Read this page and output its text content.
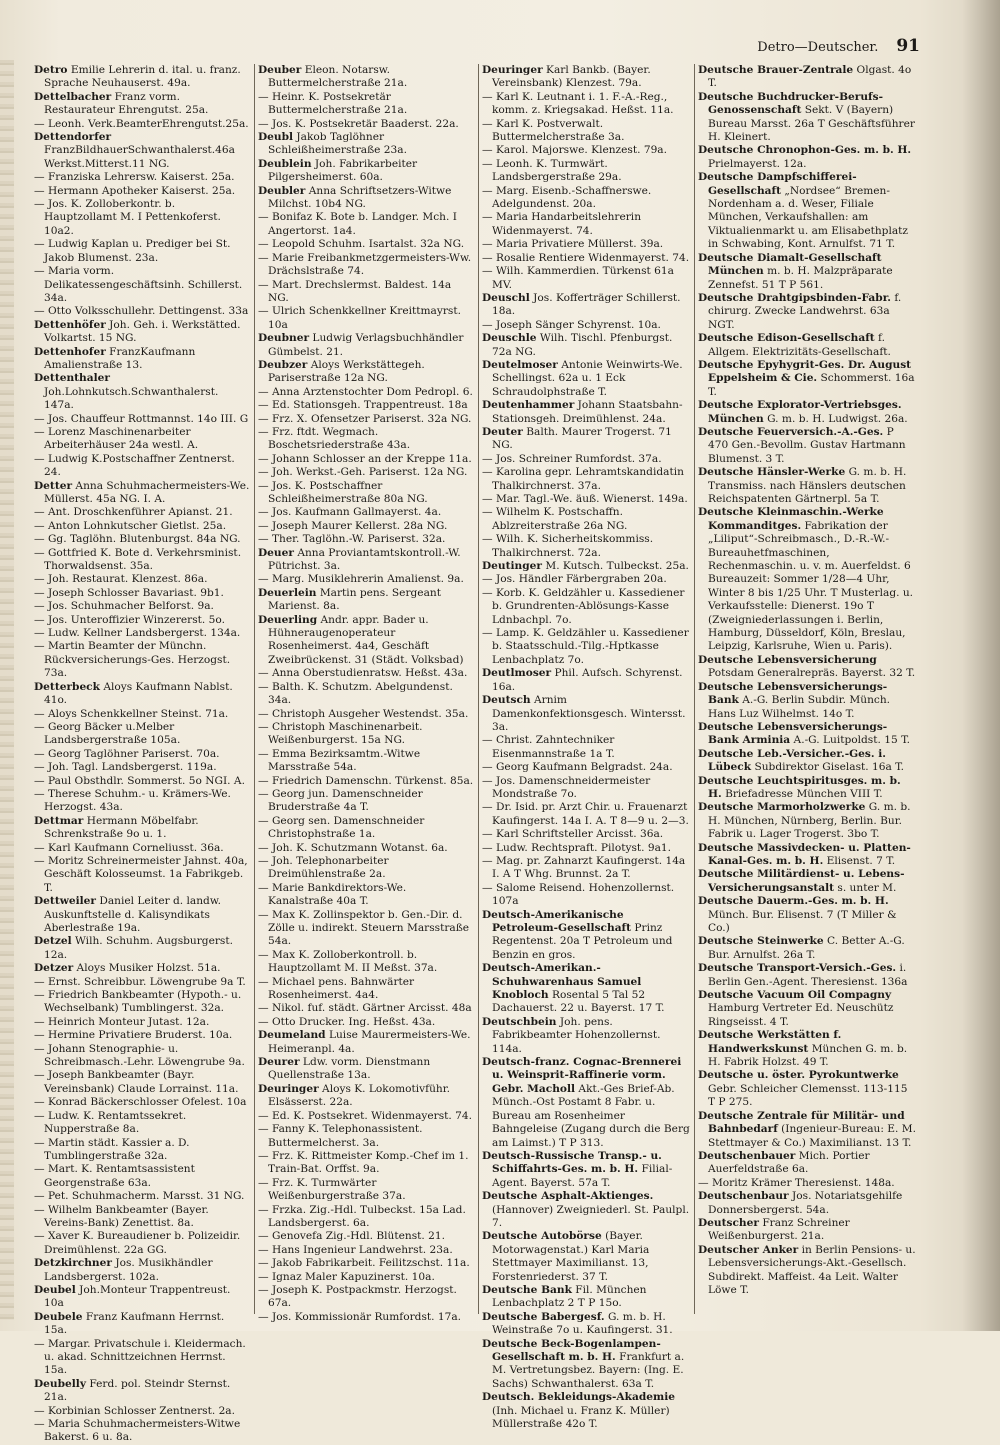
Detro—Deutscher. 91

Detro Emilie Lehrerin d. ital. u. franz. Sprache Neuhauserst. 49a.

Dettelbacher Franz vorm. Restaurateur Ehrengutst. 25a.

— Leonh. Verk.BeamterEhrengutst.25a.

Dettendorfer FranzBildhauerSchwanthalerst.46a Werkst.Mitterst.11 NG.

— Franziska Lehrersw. Kaiserst. 25a.

— Hermann Apotheker Kaiserst. 25a.

— Jos. K. Zolloberkontr. b. Hauptzollamt M. I Pettenkoferst. 10a2.

— Ludwig Kaplan u. Prediger bei St. Jakob Blumenst. 23a.

— Maria vorm. Delikatessengeschäftsinh. Schillerst. 34a.

— Otto Volksschullehr. Dettingenst. 33a

Dettenhöfer Joh. Geh. i. Werkstätted. Volkartst. 15 NG.

Dettenhofer FranzKaufmann Amalienstraße 13.

Dettenthaler Joh.Lohnkutsch.Schwanthalerst. 147a.

— Jos. Chauffeur Rottmannst. 14o III. G

— Lorenz Maschinenarbeiter Arbeiterhäuser 24a westl. A.

— Ludwig K.Postschaffner Zentnerst. 24.

Detter Anna Schuhmachermeisters-We. Müllerst. 45a NG. I. A.

— Ant. Droschkenführer Apianst. 21.

— Anton Lohnkutscher Gietlst. 25a.

— Gg. Taglöhn. Blutenburgst. 84a NG.

— Gottfried K. Bote d. Verkehrsminist. Thorwaldsenst. 35a.

— Joh. Restaurat. Klenzest. 86a.

— Joseph Schlosser Bavariast. 9b1.

— Jos. Schuhmacher Belforst. 9a.

— Jos. Unteroffizier Winzererst. 5o.

— Ludw. Kellner Landsbergerst. 134a.

— Martin Beamter der Münchn. Rückversicherungs-Ges. Herzogst. 73a.

Detterbeck Aloys Kaufmann Nablst. 41o.

— Aloys Schenkkellner Steinst. 71a.

— Georg Bäcker u.Melber Landsbergerstraße 105a.

— Georg Taglöhner Pariserst. 70a.

— Joh. Tagl. Landsbergerst. 119a.

— Paul Obsthdlr. Sommerst. 5o NGI. A.

— Therese Schuhm.- u. Krämers-We. Herzogst. 43a.

Dettmar Hermann Möbelfabr. Schrenkstraße 9o u. 1.

— Karl Kaufmann Corneliusst. 36a.

— Moritz Schreinermeister Jahnst. 40a, Geschäft Kolosseumst. 1a Fabrikgeb. T.

Dettweiler Daniel Leiter d. landw. Auskunftstelle d. Kalisyndikats Aberlestraße 19a.

Detzel Wilh. Schuhm. Augsburgerst. 12a.

Detzer Aloys Musiker Holzst. 51a.

— Ernst. Schreibbur. Löwengrube 9a T.

— Friedrich Bankbeamter (Hypoth.- u. Wechselbank) Tumblingerst. 32a.

— Heinrich Monteur Jutast. 12a.

— Hermine Privatiere Bruderst. 10a.

— Johann Stenographie- u. Schreibmasch.-Lehr. Löwengrube 9a.

— Joseph Bankbeamter (Bayr. Vereinsbank) Claude Lorrainst. 11a.

— Konrad Bäckerschlosser Ofelest. 10a

— Ludw. K. Rentamtssekret. Nupperstraße 8a.

— Martin städt. Kassier a. D. Tumblingerstraße 32a.

— Mart. K. Rentamtsassistent Georgenstraße 63a.

— Pet. Schuhmacherm. Marsst. 31 NG.

— Wilhelm Bankbeamter (Bayer. Vereins-Bank) Zenettist. 8a.

— Xaver K. Bureaudiener b. Polizeidir. Dreimühlenst. 22a GG.

Detzkirchner Jos. Musikhändler Landsbergerst. 102a.

Deubel Joh.Monteur Trappentreust. 10a

Deubele Franz Kaufmann Herrnst. 15a.

— Margar. Privatschule i. Kleidermach. u. akad. Schnittzeichnen Herrnst. 15a.

Deubelly Ferd. pol. Steindr Sternst. 21a.

— Korbinian Schlosser Zentnerst. 2a.

— Maria Schuhmachermeisters-Witwe Bakerst. 6 u. 8a.

Deuber Eleon. Notarsw. Buttermelcherstraße 21a.

— Heinr. K. Postsekretär Buttermelcherstraße 21a.

— Jos. K. Postsekretär Baaderst. 22a.

Deubl Jakob Taglöhner Schleißheimerstraße 23a.

Deublein Joh. Fabrikarbeiter Pilgersheimerst. 60a.

Deubler Anna Schriftsetzers-Witwe Milchst. 10b4 NG.

— Bonifaz K. Bote b. Landger. Mch. I Angertorst. 1a4.

— Leopold Schuhm. Isartalst. 32a NG.

— Marie Freibankmetzgermeisters-Ww. Drächslstraße 74.

— Mart. Drechslermst. Baldest. 14a NG.

— Ulrich Schenkkellner Kreittmayrst. 10a

Deubner Ludwig Verlagsbuchhändler Gümbelst. 21.

Deubzer Aloys Werkstättegeh. Pariserstraße 12a NG.

— Anna Arztenstochter Dom Pedropl. 6.

— Ed. Stationsgeh. Trappentreust. 18a

— Frz. X. Ofensetzer Pariserst. 32a NG.

— Frz. ftdt. Wegmach. Boschetsriederstraße 43a.

— Johann Schlosser an der Kreppe 11a.

— Joh. Werkst.-Geh. Pariserst. 12a NG.

— Jos. K. Postschaffner Schleißheimerstraße 80a NG.

— Jos. Kaufmann Gallmayerst. 4a.

— Joseph Maurer Kellerst. 28a NG.

— Ther. Taglöhn.-W. Pariserst. 32a.

Deuer Anna Proviantamtskontroll.-W. Pütrichst. 3a.

— Marg. Musiklehrerin Amalienst. 9a.

Deuerlein Martin pens. Sergeant Marienst. 8a.

Deuerling Andr. appr. Bader u. Hühneraugenoperateur Rosenheimerst. 4a4, Geschäft Zweibrückenst. 31 (Städt. Volksbad)

— Anna Oberstudienratsw. Heßst. 43a.

— Balth. K. Schutzm. Abelgundenst. 34a.

— Christoph Ausgeher Westendst. 35a.

— Christoph Maschinenarbeit. Weißenburgerst. 15a NG.

— Emma Bezirksamtm.-Witwe Marsstraße 54a.

— Friedrich Damenschn. Türkenst. 85a.

— Georg jun. Damenschneider Bruderstraße 4a T.

— Georg sen. Damenschneider Christophstraße 1a.

— Joh. K. Schutzmann Wotanst. 6a.

— Joh. Telephonarbeiter Dreimühlenstraße 2a.

— Marie Bankdirektors-We. Kanalstraße 40a T.

— Max K. Zollinspektor b. Gen.-Dir. d. Zölle u. indirekt. Steuern Marsstraße 54a.

— Max K. Zolloberkontroll. b. Hauptzollamt M. II Meßst. 37a.

— Michael pens. Bahnwärter Rosenheimerst. 4a4.

— Nikol. fuf. städt. Gärtner Arcisst. 48a

— Otto Drucker. Ing. Heßst. 43a.

Deumeland Luise Maurermeisters-We. Heimeranpl. 4a.

Deurer Ldw. vorm. Dienstmann Quellenstraße 13a.

Deuringer Aloys K. Lokomotivführ. Elsässerst. 22a.

— Ed. K. Postsekret. Widenmayerst. 74.

— Fanny K. Telephonassistent. Buttermelcherst. 3a.

— Frz. K. Rittmeister Komp.-Chef im 1. Train-Bat. Orffst. 9a.

— Frz. K. Turmwärter Weißenburgerstraße 37a.

— Frzka. Zig.-Hdl. Tulbeckst. 15a Lad. Landsbergerst. 6a.

— Genovefa Zig.-Hdl. Blütenst. 21.

— Hans Ingenieur Landwehrst. 23a.

— Jakob Fabrikarbeit. Feilitzschst. 11a.

— Ignaz Maler Kapuzinerst. 10a.

— Joseph K. Postpackmstr. Herzogst. 67a.

— Jos. Kommissionär Rumfordst. 17a.

Deuringer Karl Bankb. (Bayer. Vereinsbank) Klenzest. 79a.

— Karl K. Leutnant i. 1. F.-A.-Reg., komm. z. Kriegsakad. Heßst. 11a.

— Karl K. Postverwalt. Buttermelcherstraße 3a.

— Karol. Majorswe. Klenzest. 79a.

— Leonh. K. Turmwärt. Landsbergerstraße 29a.

— Marg. Eisenb.-Schaffnerswe. Adelgundenst. 20a.

— Maria Handarbeitslehrerin Widenmayerst. 74.

— Maria Privatiere Müllerst. 39a.

— Rosalie Rentiere Widenmayerst. 74.

— Wilh. Kammerdien. Türkenst 61a MV.

Deuschl Jos. Kofferträger Schillerst. 18a.

— Joseph Sänger Schyrenst. 10a.

Deuschle Wilh. Tischl. Pfenburgst. 72a NG.

Deutelmoser Antonie Weinwirts-We. Schellingst. 62a u. 1 Eck Schraudolphstraße T.

Deutenhammer Johann Staatsbahn-Stationsgeh. Dreimühlenst. 24a.

Deuter Balth. Maurer Trogerst. 71 NG.

— Jos. Schreiner Rumfordst. 37a.

— Karolina gepr. Lehramtskandidatin Thalkirchnerst. 37a.

— Mar. Tagl.-We. äuß. Wienerst. 149a.

— Wilhelm K. Postschaffn. Ablzreiterstraße 26a NG.

— Wilh. K. Sicherheitskommiss. Thalkirchnerst. 72a.

Deutinger M. Kutsch. Tulbeckst. 25a.

— Jos. Händler Färbergraben 20a.

— Korb. K. Geldzähler u. Kassediener b. Grundrenten-Ablösungs-Kasse Ldnbachpl. 7o.

— Lamp. K. Geldzähler u. Kassediener b. Staatsschuld.-Tilg.-Hptkasse Lenbachplatz 7o.

Deutlmoser Phil. Aufsch. Schyrenst. 16a.

Deutsch Arnim Damenkonfektionsgesch. Wintersst. 3a.

— Christ. Zahntechniker Eisenmannstraße 1a T.

— Georg Kaufmann Belgradst. 24a.

— Jos. Damenschneidermeister Mondstraße 7o.

— Dr. Isid. pr. Arzt Chir. u. Frauenarzt Kaufingerst. 14a I. A. T 8—9 u. 2—3.

— Karl Schriftsteller Arcisst. 36a.

— Ludw. Rechtspraft. Pilotyst. 9a1.

— Mag. pr. Zahnarzt Kaufingerst. 14a I. A T Whg. Brunnst. 2a T.

— Salome Reisend. Hohenzollernst. 107a

Deutsch-Amerikanische Petroleum-Gesellschaft Prinz Regentenst. 20a T Petroleum und Benzin en gros.

Deutsch-Amerikan.-Schuhwarenhaus Samuel Knobloch Rosental 5 Tal 52 Dachauerst. 22 u. Bayerst. 17 T.

Deutschbein Joh. pens. Fabrikbeamter Hohenzollernst. 114a.

Deutsch-franz. Cognac-Brennerei u. Weinsprit-Raffinerie vorm. Gebr. Macholl Akt.-Ges Brief-Ab. Münch.-Ost Postamt 8 Fabr. u. Bureau am Rosenheimer Bahngeleise (Zugang durch die Berg am Laimst.) T P 313.

Deutsch-Russische Transp.- u. Schiffahrts-Ges. m. b. H. Filial-Agent. Bayerst. 57a T.

Deutsche Asphalt-Aktienges. (Hannover) Zweigniederl. St. Paulpl. 7.

Deutsche Autobörse (Bayer. Motorwagenstat.) Karl Maria Stettmayer Maximilianst. 13, Forstenriederst. 37 T.

Deutsche Bank Fil. München Lenbachplatz 2 T P 15o.

Deutsche Babergesf. G. m. b. H. Weinstraße 7o u. Kaufingerst. 31.

Deutsche Beck-Bogenlampen-Gesellschaft m. b. H. Frankfurt a. M. Vertretungsbez. Bayern: (Ing. E. Sachs) Schwanthalerst. 63a T.

Deutsch. Bekleidungs-Akademie (Inh. Michael u. Franz K. Müller) Müllerstraße 42o T.

Deutsche Brauer-Zentrale Olgast. 4o T.

Deutsche Buchdrucker-Berufs-Genossenschaft Sekt. V (Bayern) Bureau Marsst. 26a T Geschäftsführer H. Kleinert.

Deutsche Chronophon-Ges. m. b. H. Prielmayerst. 12a.

Deutsche Dampfschifferei-Gesellschaft „Nordsee“ Bremen-Nordenham a. d. Weser, Filiale München, Verkaufshallen: am Viktualienmarkt u. am Elisabethplatz in Schwabing, Kont. Arnulfst. 71 T.

Deutsche Diamalt-Gesellschaft München m. b. H. Malzpräparate Zennefst. 51 T P 561.

Deutsche Drahtgipsbinden-Fabr. f. chirurg. Zwecke Landwehrst. 63a NGT.

Deutsche Edison-Gesellschaft f. Allgem. Elektrizitäts-Gesellschaft.

Deutsche Epyhygrit-Ges. Dr. August Eppelsheim & Cie. Schommerst. 16a T.

Deutsche Explorator-Vertriebsges. München G. m. b. H. Ludwigst. 26a.

Deutsche Feuerversich.-A.-Ges. P 470 Gen.-Bevollm. Gustav Hartmann Blumenst. 3 T.

Deutsche Hänsler-Werke G. m. b. H. Transmiss. nach Hänslers deutschen Reichspatenten Gärtnerpl. 5a T.

Deutsche Kleinmaschin.-Werke Kommanditges. Fabrikation der „Liliput“-Schreibmasch., D.-R.-W.-Bureauhetfmaschinen, Rechenmaschin. u. v. m. Auerfeldst. 6 Bureauzeit: Sommer 1/28—4 Uhr, Winter 8 bis 1/25 Uhr. T Musterlag. u. Verkaufsstelle: Dienerst. 19o T (Zweigniederlassungen i. Berlin, Hamburg, Düsseldorf, Köln, Breslau, Leipzig, Karlsruhe, Wien u. Paris).

Deutsche Lebensversicherung Potsdam Generalrepräs. Bayerst. 32 T.

Deutsche Lebensversicherungs-Bank A.-G. Berlin Subdir. Münch. Hans Luz Wilhelmst. 14o T.

Deutsche Lebensversicherungs-Bank Arminia A.-G. Luitpoldst. 15 T.

Deutsche Leb.-Versicher.-Ges. i. Lübeck Subdirektor Giselast. 16a T.

Deutsche Leuchtspiritusges. m. b. H. Briefadresse München VIII T.

Deutsche Marmorholzwerke G. m. b. H. München, Nürnberg, Berlin. Bur. Fabrik u. Lager Trogerst. 3bo T.

Deutsche Massivdecken- u. Platten-Kanal-Ges. m. b. H. Elisenst. 7 T.

Deutsche Militärdienst- u. Lebens-Versicherungsanstalt s. unter M.

Deutsche Dauerm.-Ges. m. b. H. Münch. Bur. Elisenst. 7 (T Miller & Co.)

Deutsche Steinwerke C. Better A.-G. Bur. Arnulfst. 26a T.

Deutsche Transport-Versich.-Ges. i. Berlin Gen.-Agent. Theresienst. 136a

Deutsche Vacuum Oil Compagny Hamburg Vertreter Ed. Neuschütz Ringseisst. 4 T.

Deutsche Werkstätten f. Handwerkskunst München G. m. b. H. Fabrik Holzst. 49 T.

Deutsche u. öster. Pyrokuntwerke Gebr. Schleicher Clemensst. 113-115 T P 275.

Deutsche Zentrale für Militär- und Bahnbedarf (Ingenieur-Bureau: E. M. Stettmayer & Co.) Maximilianst. 13 T.

Deutschenbauer Mich. Portier Auerfeldstraße 6a.

— Moritz Krämer Theresienst. 148a.

Deutschenbaur Jos. Notariatsgehilfe Donnersbergerst. 54a.

Deutscher Franz Schreiner Weißenburgerst. 21a.

Deutscher Anker in Berlin Pensions- u. Lebensversicherungs-Akt.-Gesellsch. Subdirekt. Maffeist. 4a Leit. Walter Löwe T.
